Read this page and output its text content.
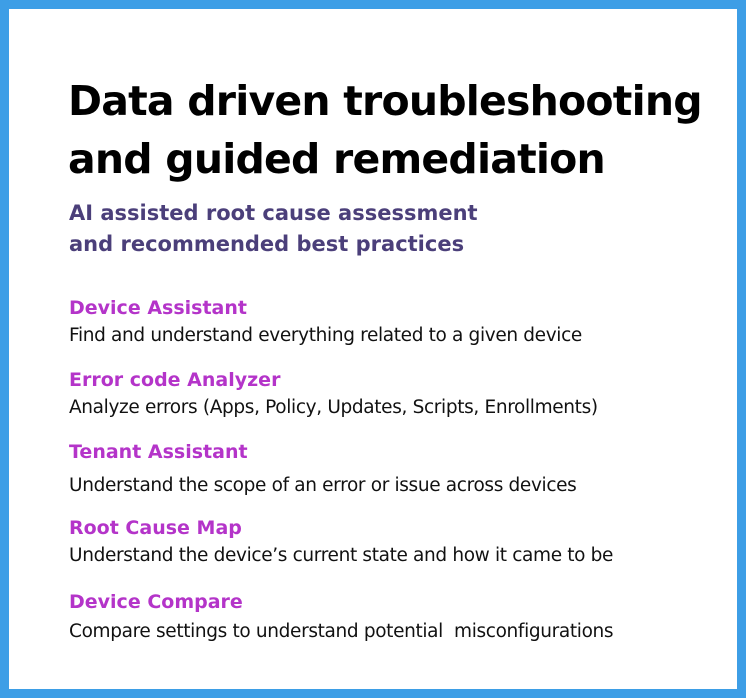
Data driven troubleshooting
and guided remediation
AI assisted root cause assessment
and recommended best practices
Device Assistant
Find and understand everything related to a given device
Error code Analyzer
Analyze errors (Apps, Policy, Updates, Scripts, Enrollments)
Tenant Assistant
Understand the scope of an error or issue across devices
Root Cause Map
Understand the device’s current state and how it came to be
Device Compare
Compare settings to understand potential  misconfigurations
